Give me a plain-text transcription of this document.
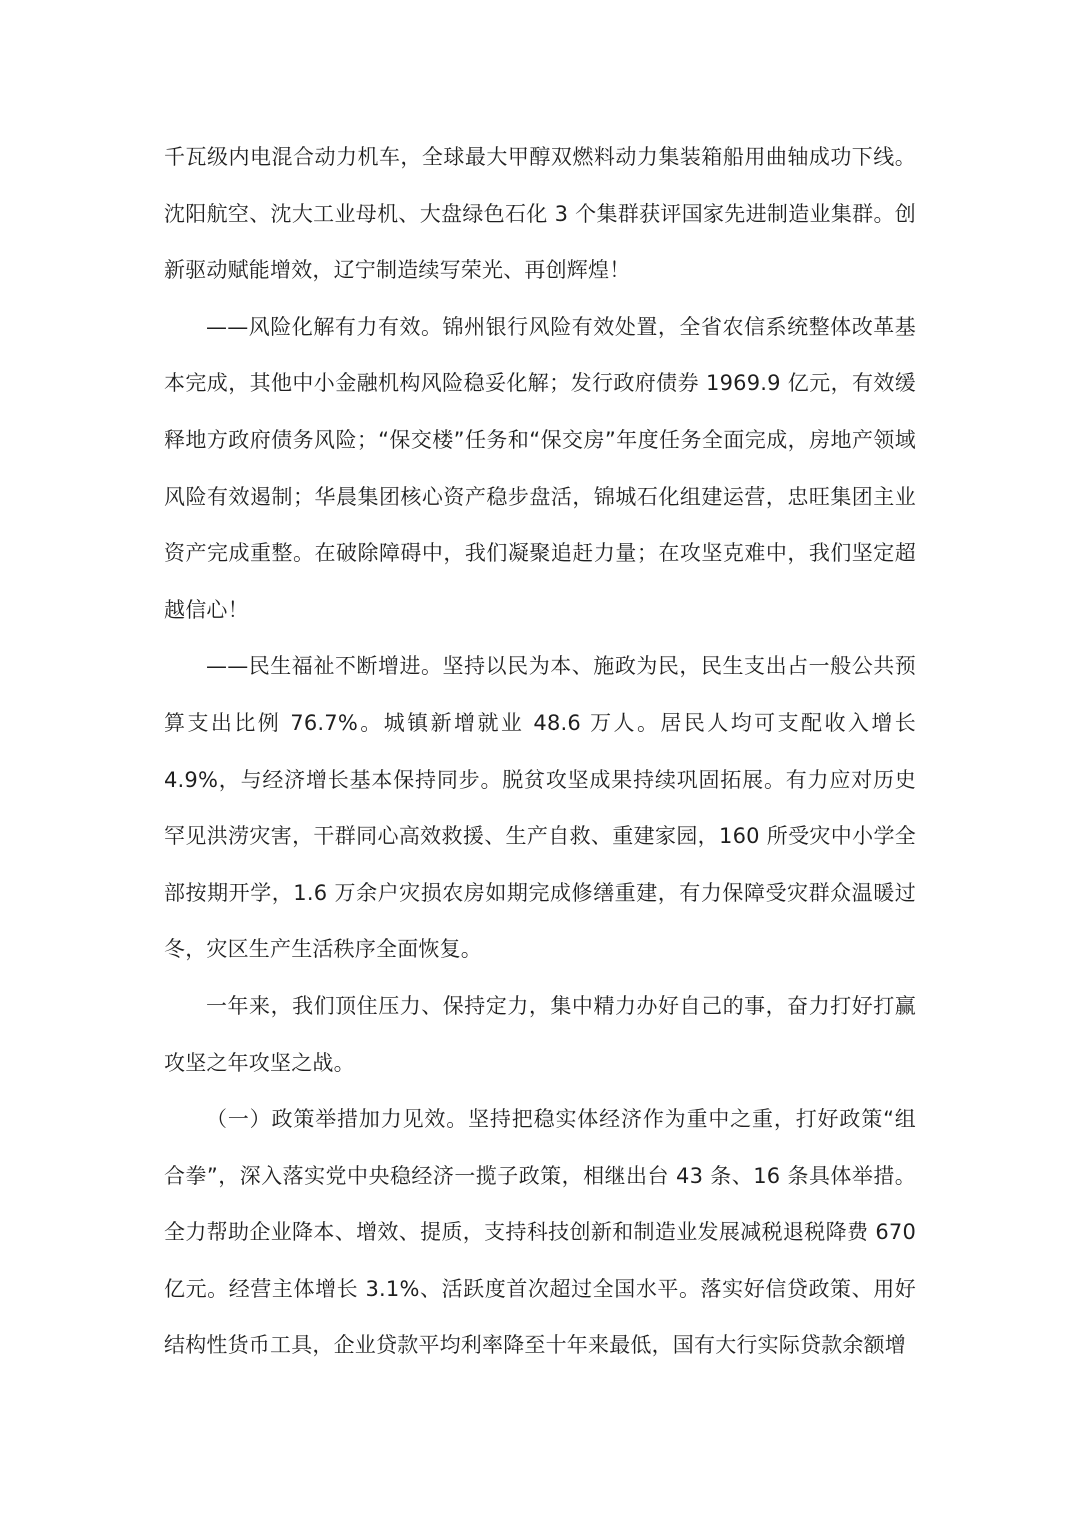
千瓦级内电混合动力机车，全球最大甲醇双燃料动力集装箱船用曲轴成功下线。沈阳航空、沈大工业母机、大盘绿色石化 3 个集群获评国家先进制造业集群。创新驱动赋能增效，辽宁制造续写荣光、再创辉煌！

——风险化解有力有效。锦州银行风险有效处置，全省农信系统整体改革基本完成，其他中小金融机构风险稳妥化解；发行政府债券 1969.9 亿元，有效缓释地方政府债务风险；“保交楼”任务和“保交房”年度任务全面完成，房地产领域风险有效遏制；华晨集团核心资产稳步盘活，锦城石化组建运营，忠旺集团主业资产完成重整。在破除障碍中，我们凝聚追赶力量；在攻坚克难中，我们坚定超越信心！

——民生福祉不断增进。坚持以民为本、施政为民，民生支出占一般公共预算支出比例 76.7%。城镇新增就业 48.6 万人。居民人均可支配收入增长 4.9%，与经济增长基本保持同步。脱贫攻坚成果持续巩固拓展。有力应对历史罕见洪涝灾害，干群同心高效救援、生产自救、重建家园，160 所受灾中小学全部按期开学，1.6 万余户灾损农房如期完成修缮重建，有力保障受灾群众温暖过冬，灾区生产生活秩序全面恢复。

一年来，我们顶住压力、保持定力，集中精力办好自己的事，奋力打好打赢攻坚之年攻坚之战。

（一）政策举措加力见效。坚持把稳实体经济作为重中之重，打好政策“组合拳”，深入落实党中央稳经济一揽子政策，相继出台 43 条、16 条具体举措。全力帮助企业降本、增效、提质，支持科技创新和制造业发展减税退税降费 670 亿元。经营主体增长 3.1%、活跃度首次超过全国水平。落实好信贷政策、用好结构性货币工具，企业贷款平均利率降至十年来最低，国有大行实际贷款余额增
